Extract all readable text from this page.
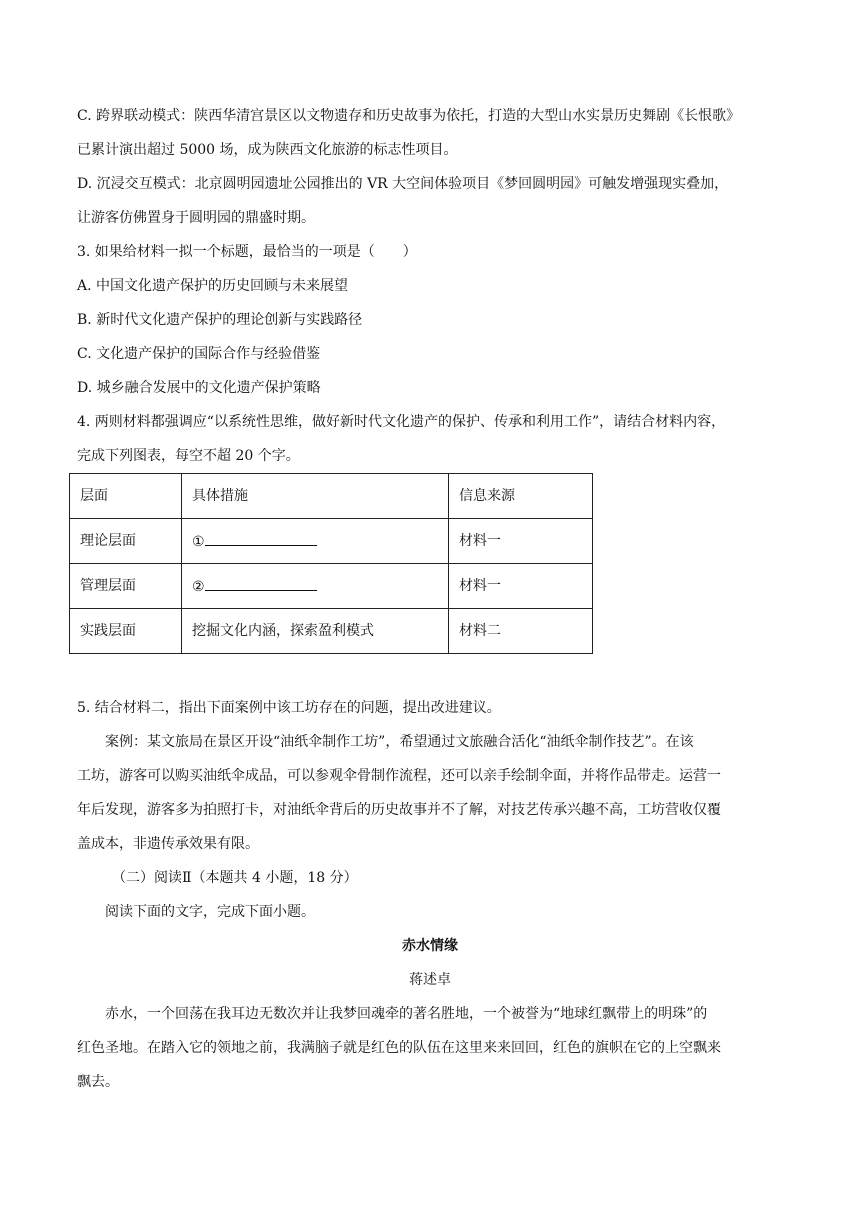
C. 跨界联动模式：陕西华清宫景区以文物遗存和历史故事为依托，打造的大型山水实景历史舞剧《长恨歌》
已累计演出超过 5000 场，成为陕西文化旅游的标志性项目。
D. 沉浸交互模式：北京圆明园遗址公园推出的 VR 大空间体验项目《梦回圆明园》可触发增强现实叠加，
让游客仿佛置身于圆明园的鼎盛时期。
3. 如果给材料一拟一个标题，最恰当的一项是（　　）
A. 中国文化遗产保护的历史回顾与未来展望
B. 新时代文化遗产保护的理论创新与实践路径
C. 文化遗产保护的国际合作与经验借鉴
D. 城乡融合发展中的文化遗产保护策略
4. 两则材料都强调应“以系统性思维，做好新时代文化遗产的保护、传承和利用工作”，请结合材料内容，
完成下列图表，每空不超 20 个字。
层面	具体措施	信息来源
理论层面	①	材料一
管理层面	②	材料一
实践层面	挖掘文化内涵，探索盈利模式	材料二
5. 结合材料二，指出下面案例中该工坊存在的问题，提出改进建议。
案例：某文旅局在景区开设“油纸伞制作工坊”，希望通过文旅融合活化“油纸伞制作技艺”。在该
工坊，游客可以购买油纸伞成品，可以参观伞骨制作流程，还可以亲手绘制伞面，并将作品带走。运营一
年后发现，游客多为拍照打卡，对油纸伞背后的历史故事并不了解，对技艺传承兴趣不高，工坊营收仅覆
盖成本，非遗传承效果有限。
（二）阅读Ⅱ（本题共 4 小题，18 分）
阅读下面的文字，完成下面小题。
赤水情缘
蒋述卓
赤水，一个回荡在我耳边无数次并让我梦回魂牵的著名胜地，一个被誉为“地球红飘带上的明珠”的
红色圣地。在踏入它的领地之前，我满脑子就是红色的队伍在这里来来回回，红色的旗帜在它的上空飘来
飘去。
